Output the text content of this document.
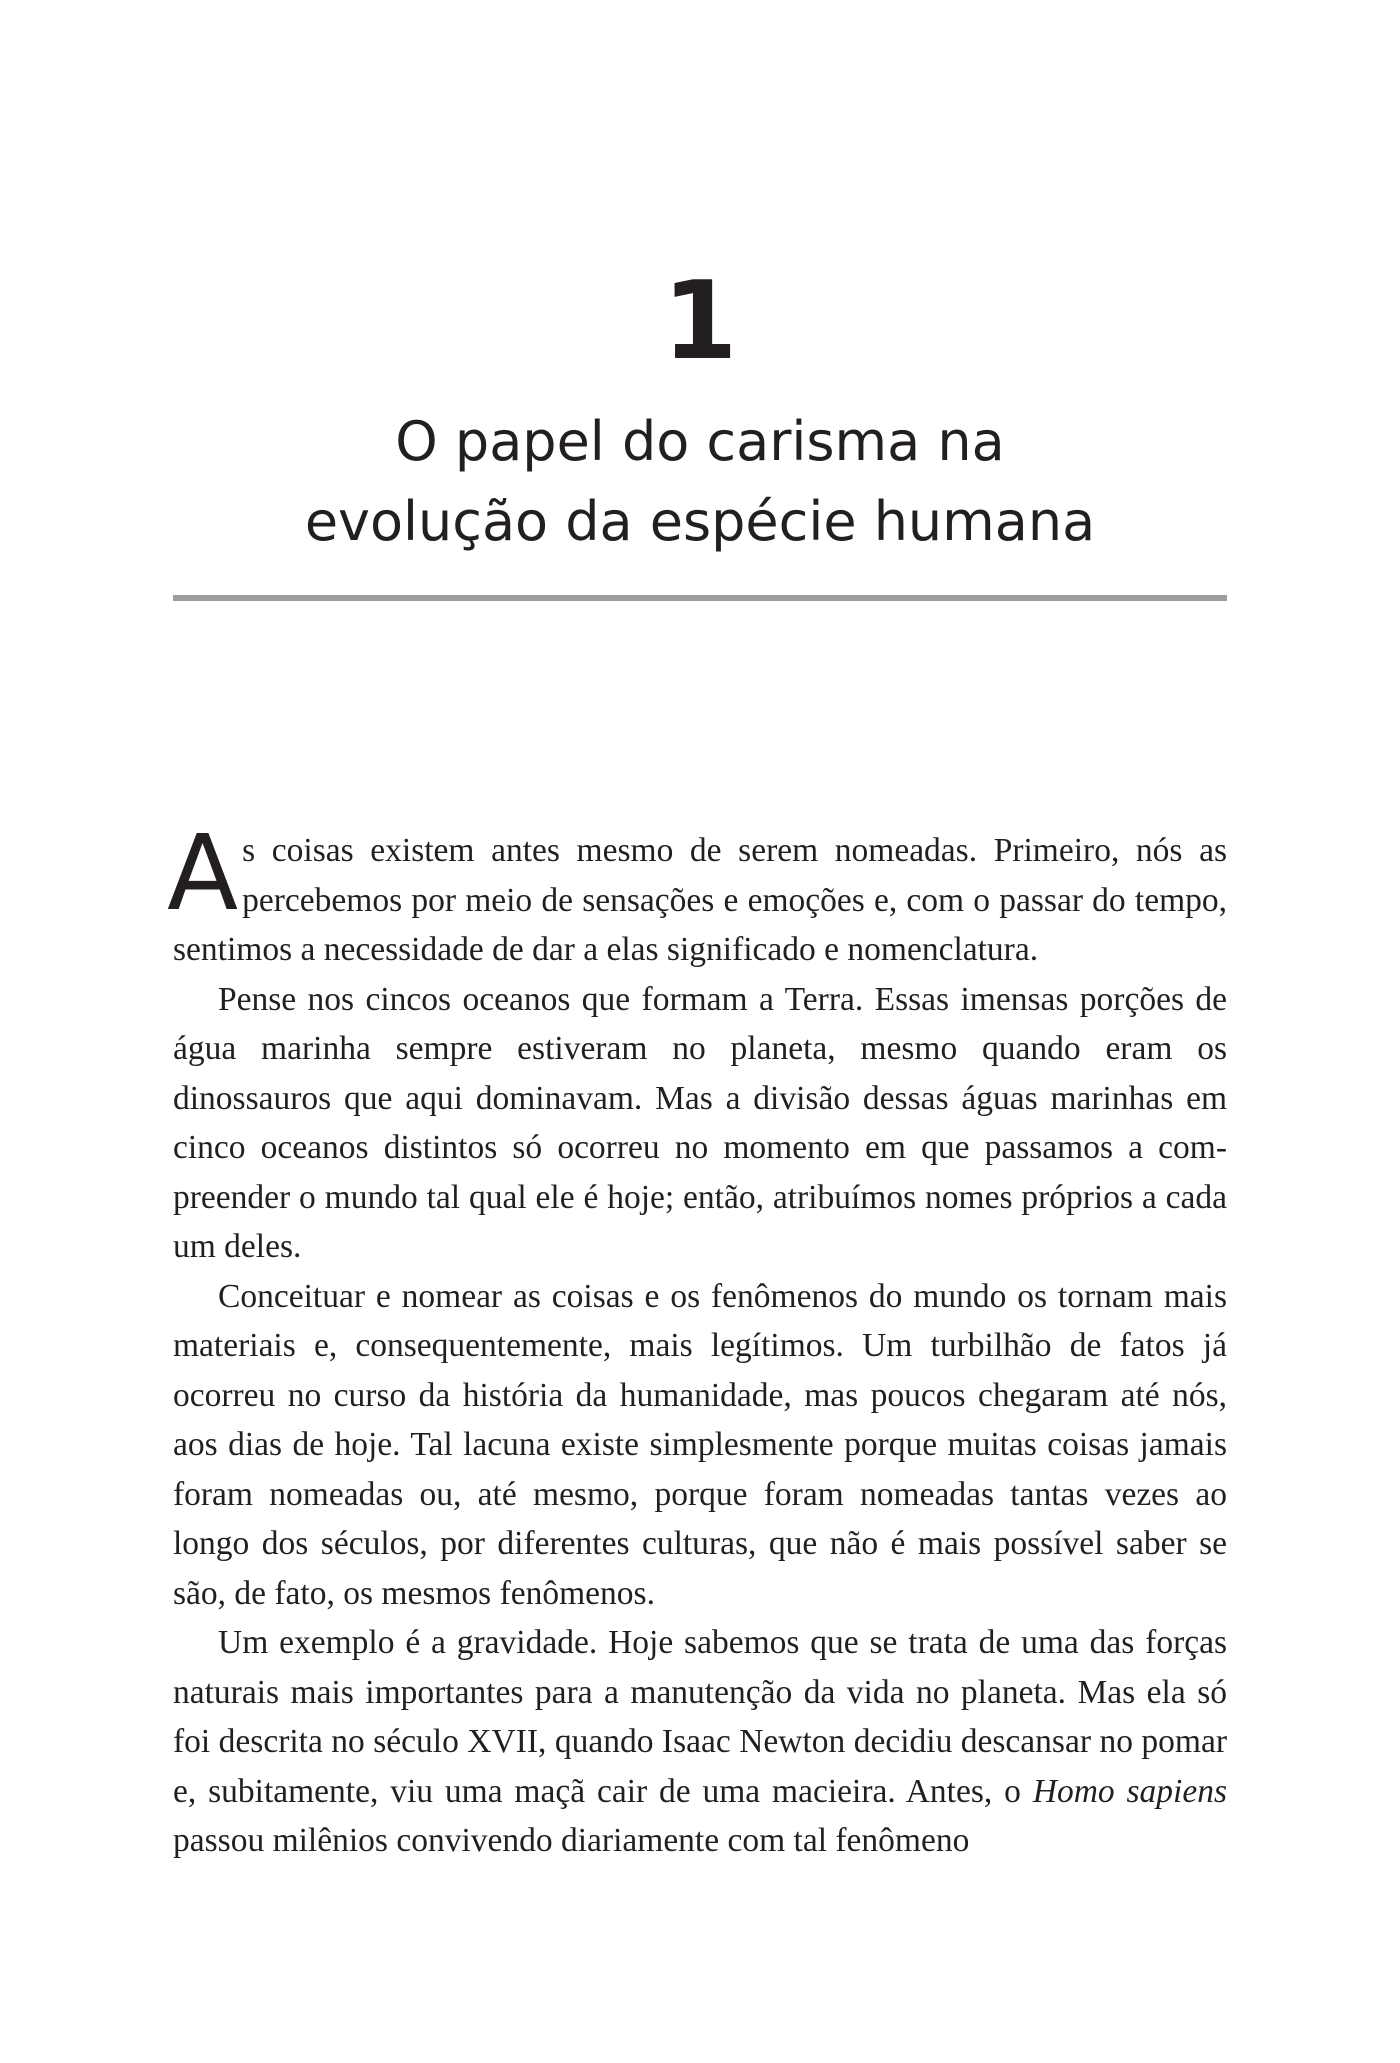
1
O papel do carisma na
evolução da espécie humana

As coisas existem antes mesmo de serem nomeadas. Primeiro, nós as percebemos por meio de sensações e emoções e, com o passar do tempo, sentimos a necessidade de dar a elas significado e nomenclatura.

Pense nos cincos oceanos que formam a Terra. Essas imensas porções de água marinha sempre estiveram no planeta, mesmo quando eram os dinossauros que aqui dominavam. Mas a divisão dessas águas marinhas em cinco oceanos distintos só ocorreu no momento em que passamos a compreender o mundo tal qual ele é hoje; então, atribuímos nomes próprios a cada um deles.

Conceituar e nomear as coisas e os fenômenos do mundo os tornam mais materiais e, consequentemente, mais legítimos. Um turbilhão de fatos já ocorreu no curso da história da humanidade, mas poucos chegaram até nós, aos dias de hoje. Tal lacuna existe simplesmente porque muitas coisas jamais foram nomeadas ou, até mesmo, porque foram nomeadas tantas vezes ao longo dos séculos, por diferentes culturas, que não é mais possível saber se são, de fato, os mesmos fenômenos.

Um exemplo é a gravidade. Hoje sabemos que se trata de uma das forças naturais mais importantes para a manutenção da vida no planeta. Mas ela só foi descrita no século XVII, quando Isaac Newton decidiu descansar no pomar e, subitamente, viu uma maçã cair de uma macieira. Antes, o Homo sapiens passou milênios convivendo diariamente com tal fenômeno
